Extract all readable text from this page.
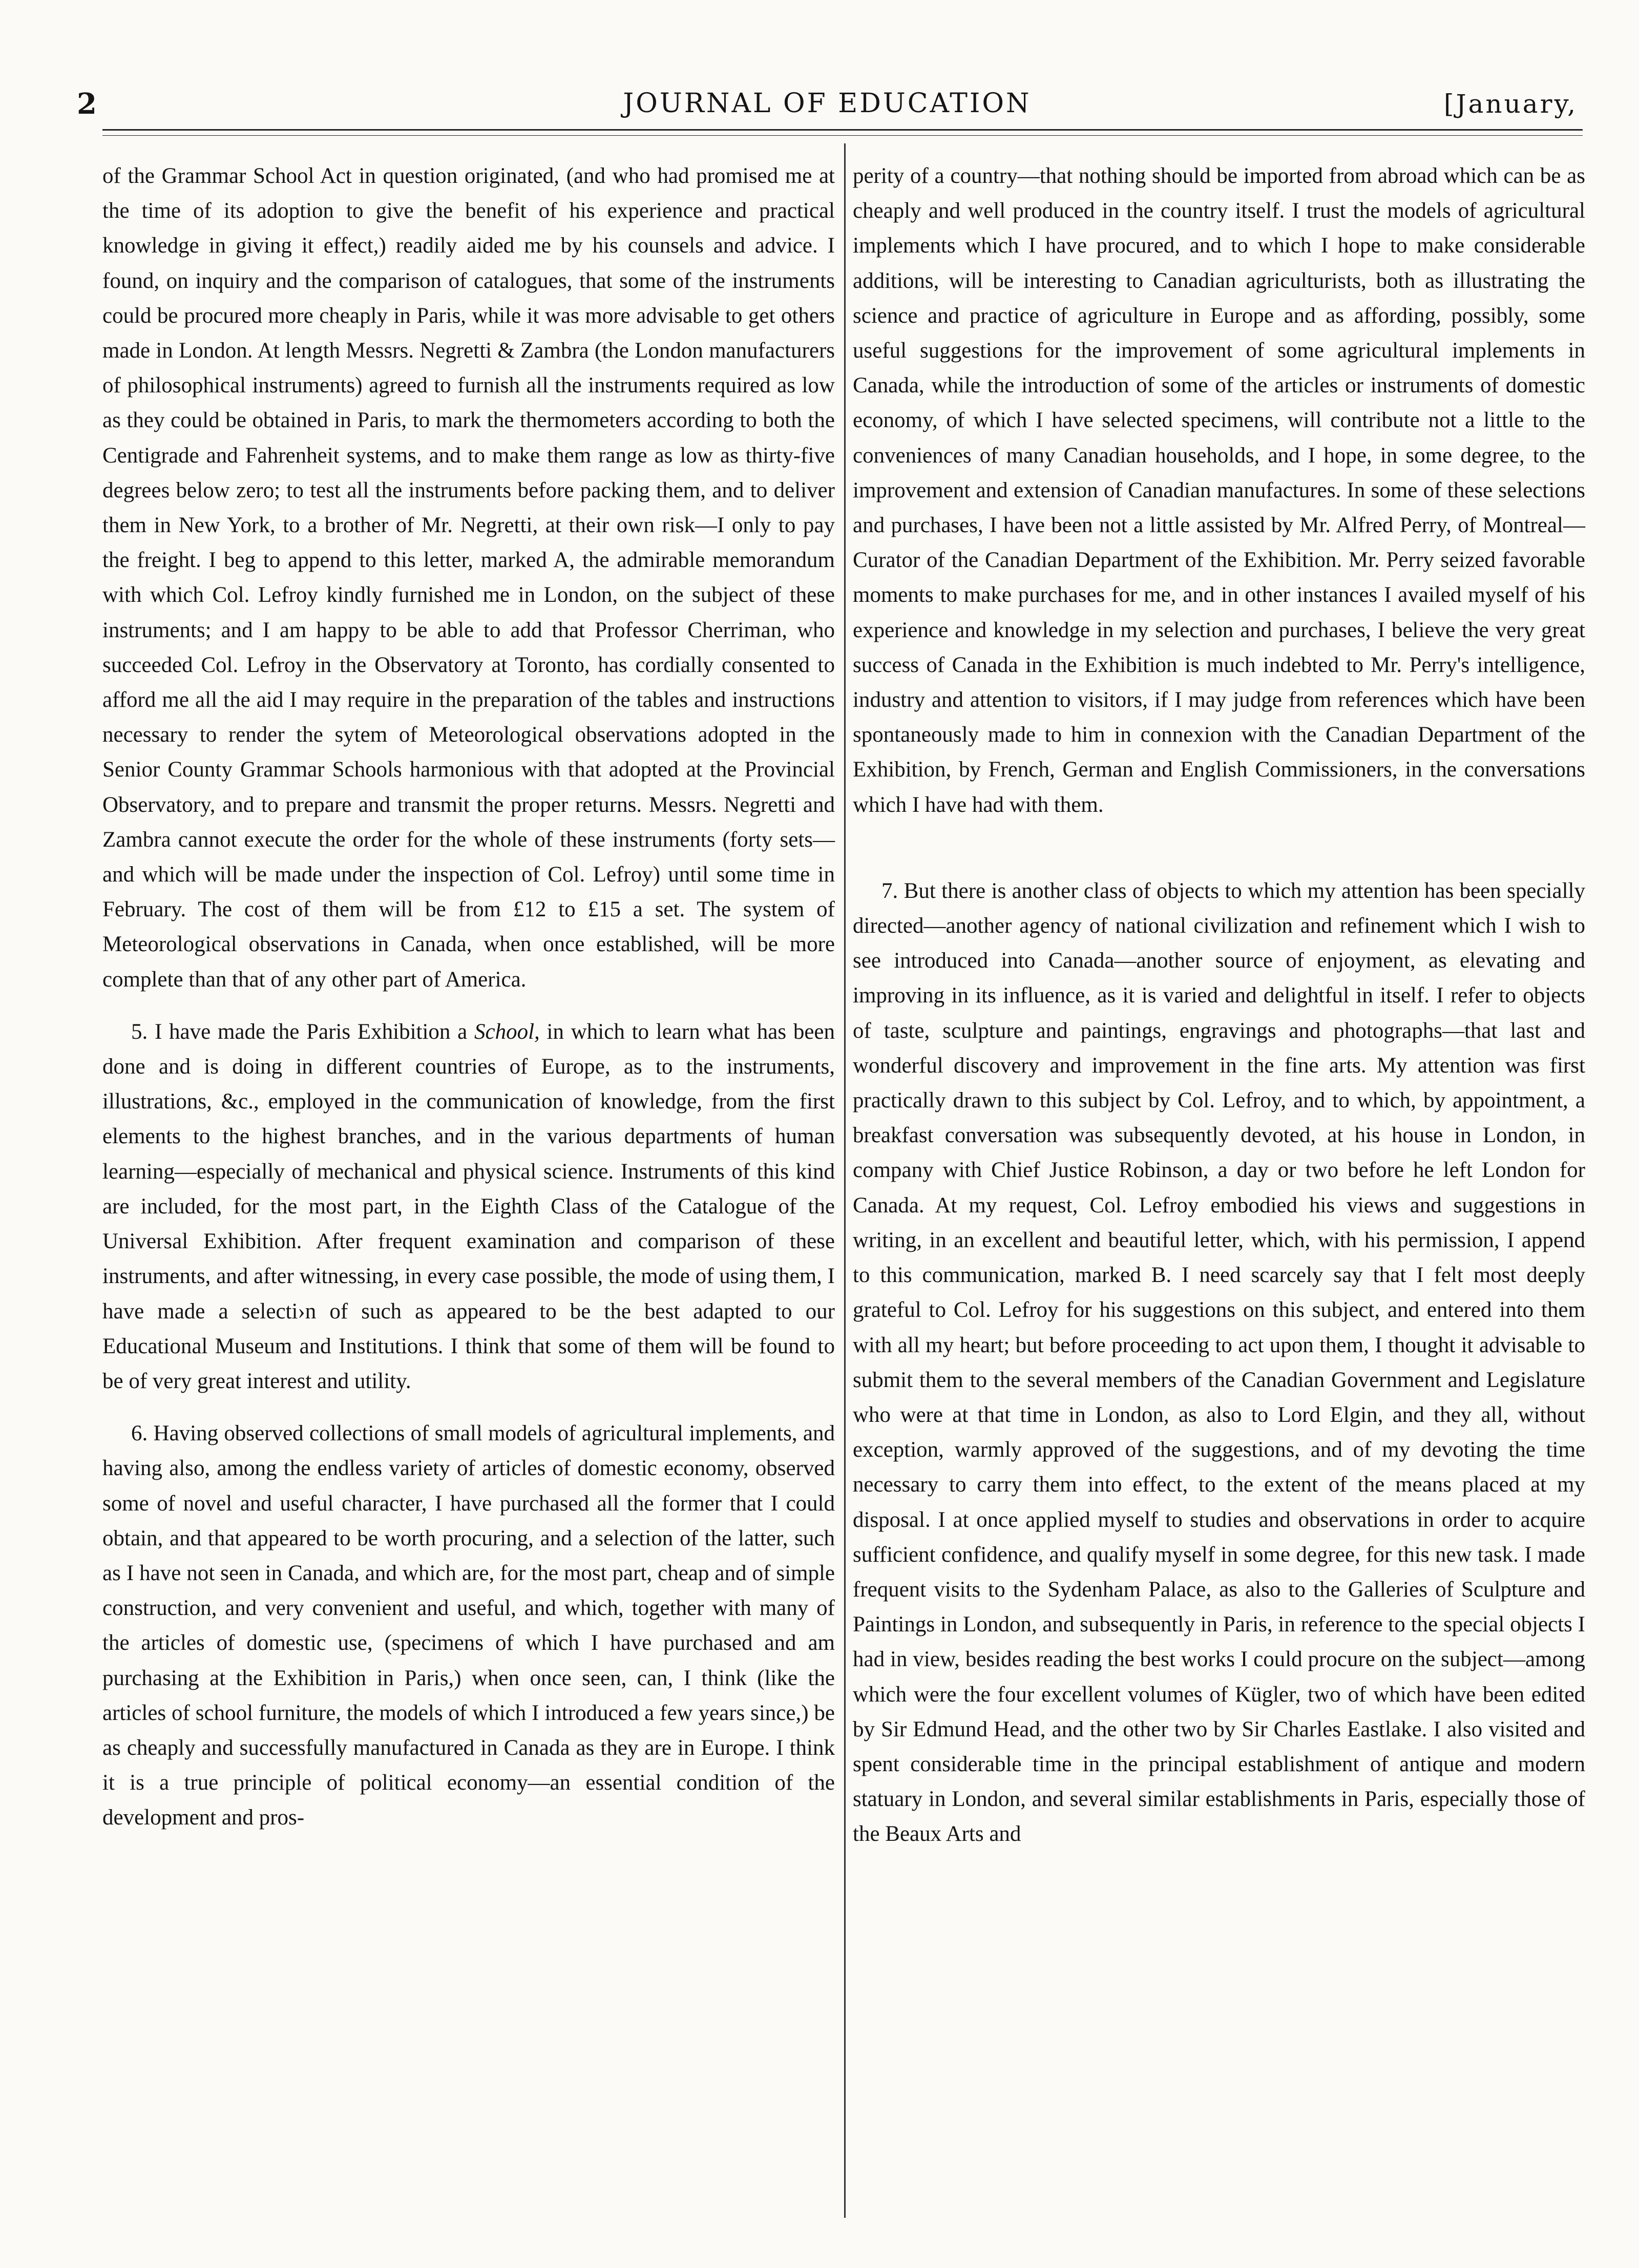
2	JOURNAL OF EDUCATION	[January,

of the Grammar School Act in question originated, (and who had promised me at the time of its adoption to give the benefit of his experience and practical knowledge in giving it effect,) readily aided me by his counsels and advice. I found, on inquiry and the comparison of catalogues, that some of the instruments could be procured more cheaply in Paris, while it was more advisable to get others made in London. At length Messrs. Negretti & Zambra (the London manufacturers of philosophical instruments) agreed to furnish all the instruments required as low as they could be obtained in Paris, to mark the thermometers according to both the Centigrade and Fahrenheit systems, and to make them range as low as thirty-five degrees below zero; to test all the instruments before packing them, and to deliver them in New York, to a brother of Mr. Negretti, at their own risk—I only to pay the freight. I beg to append to this letter, marked A, the admirable memorandum with which Col. Lefroy kindly furnished me in London, on the subject of these instruments; and I am happy to be able to add that Professor Cherriman, who succeeded Col. Lefroy in the Observatory at Toronto, has cordially consented to afford me all the aid I may require in the preparation of the tables and instructions necessary to render the sytem of Meteorological observations adopted in the Senior County Grammar Schools harmonious with that adopted at the Provincial Observatory, and to prepare and transmit the proper returns. Messrs. Negretti and Zambra cannot execute the order for the whole of these instruments (forty sets—and which will be made under the inspection of Col. Lefroy) until some time in February. The cost of them will be from £12 to £15 a set. The system of Meteorological observations in Canada, when once established, will be more complete than that of any other part of America.

5. I have made the Paris Exhibition a School, in which to learn what has been done and is doing in different countries of Europe, as to the instruments, illustrations, &c., employed in the communication of knowledge, from the first elements to the highest branches, and in the various departments of human learning—especially of mechanical and physical science. Instruments of this kind are included, for the most part, in the Eighth Class of the Catalogue of the Universal Exhibition. After frequent examination and comparison of these instruments, and after witnessing, in every case possible, the mode of using them, I have made a selecti›n of such as appeared to be the best adapted to our Educational Museum and Institutions. I think that some of them will be found to be of very great interest and utility.

6. Having observed collections of small models of agricultural implements, and having also, among the endless variety of articles of domestic economy, observed some of novel and useful character, I have purchased all the former that I could obtain, and that appeared to be worth procuring, and a selection of the latter, such as I have not seen in Canada, and which are, for the most part, cheap and of simple construction, and very convenient and useful, and which, together with many of the articles of domestic use, (specimens of which I have purchased and am purchasing at the Exhibition in Paris,) when once seen, can, I think (like the articles of school furniture, the models of which I introduced a few years since,) be as cheaply and successfully manufactured in Canada as they are in Europe. I think it is a true principle of political economy—an essential condition of the development and pros-

perity of a country—that nothing should be imported from abroad which can be as cheaply and well produced in the country itself. I trust the models of agricultural implements which I have procured, and to which I hope to make considerable additions, will be interesting to Canadian agriculturists, both as illustrating the science and practice of agriculture in Europe and as affording, possibly, some useful suggestions for the improvement of some agricultural implements in Canada, while the introduction of some of the articles or instruments of domestic economy, of which I have selected specimens, will contribute not a little to the conveniences of many Canadian households, and I hope, in some degree, to the improvement and extension of Canadian manufactures. In some of these selections and purchases, I have been not a little assisted by Mr. Alfred Perry, of Montreal—Curator of the Canadian Department of the Exhibition. Mr. Perry seized favorable moments to make purchases for me, and in other instances I availed myself of his experience and knowledge in my selection and purchases, I believe the very great success of Canada in the Exhibition is much indebted to Mr. Perry's intelligence, industry and attention to visitors, if I may judge from references which have been spontaneously made to him in connexion with the Canadian Department of the Exhibition, by French, German and English Commissioners, in the conversations which I have had with them.

7. But there is another class of objects to which my attention has been specially directed—another agency of national civilization and refinement which I wish to see introduced into Canada—another source of enjoyment, as elevating and improving in its influence, as it is varied and delightful in itself. I refer to objects of taste, sculpture and paintings, engravings and photographs—that last and wonderful discovery and improvement in the fine arts. My attention was first practically drawn to this subject by Col. Lefroy, and to which, by appointment, a breakfast conversation was subsequently devoted, at his house in London, in company with Chief Justice Robinson, a day or two before he left London for Canada. At my request, Col. Lefroy embodied his views and suggestions in writing, in an excellent and beautiful letter, which, with his permission, I append to this communication, marked B. I need scarcely say that I felt most deeply grateful to Col. Lefroy for his suggestions on this subject, and entered into them with all my heart; but before proceeding to act upon them, I thought it advisable to submit them to the several members of the Canadian Government and Legislature who were at that time in London, as also to Lord Elgin, and they all, without exception, warmly approved of the suggestions, and of my devoting the time necessary to carry them into effect, to the extent of the means placed at my disposal. I at once applied myself to studies and observations in order to acquire sufficient confidence, and qualify myself in some degree, for this new task. I made frequent visits to the Sydenham Palace, as also to the Galleries of Sculpture and Paintings in London, and subsequently in Paris, in reference to the special objects I had in view, besides reading the best works I could procure on the subject—among which were the four excellent volumes of Kügler, two of which have been edited by Sir Edmund Head, and the other two by Sir Charles Eastlake. I also visited and spent considerable time in the principal establishment of antique and modern statuary in London, and several similar establishments in Paris, especially those of the Beaux Arts and
